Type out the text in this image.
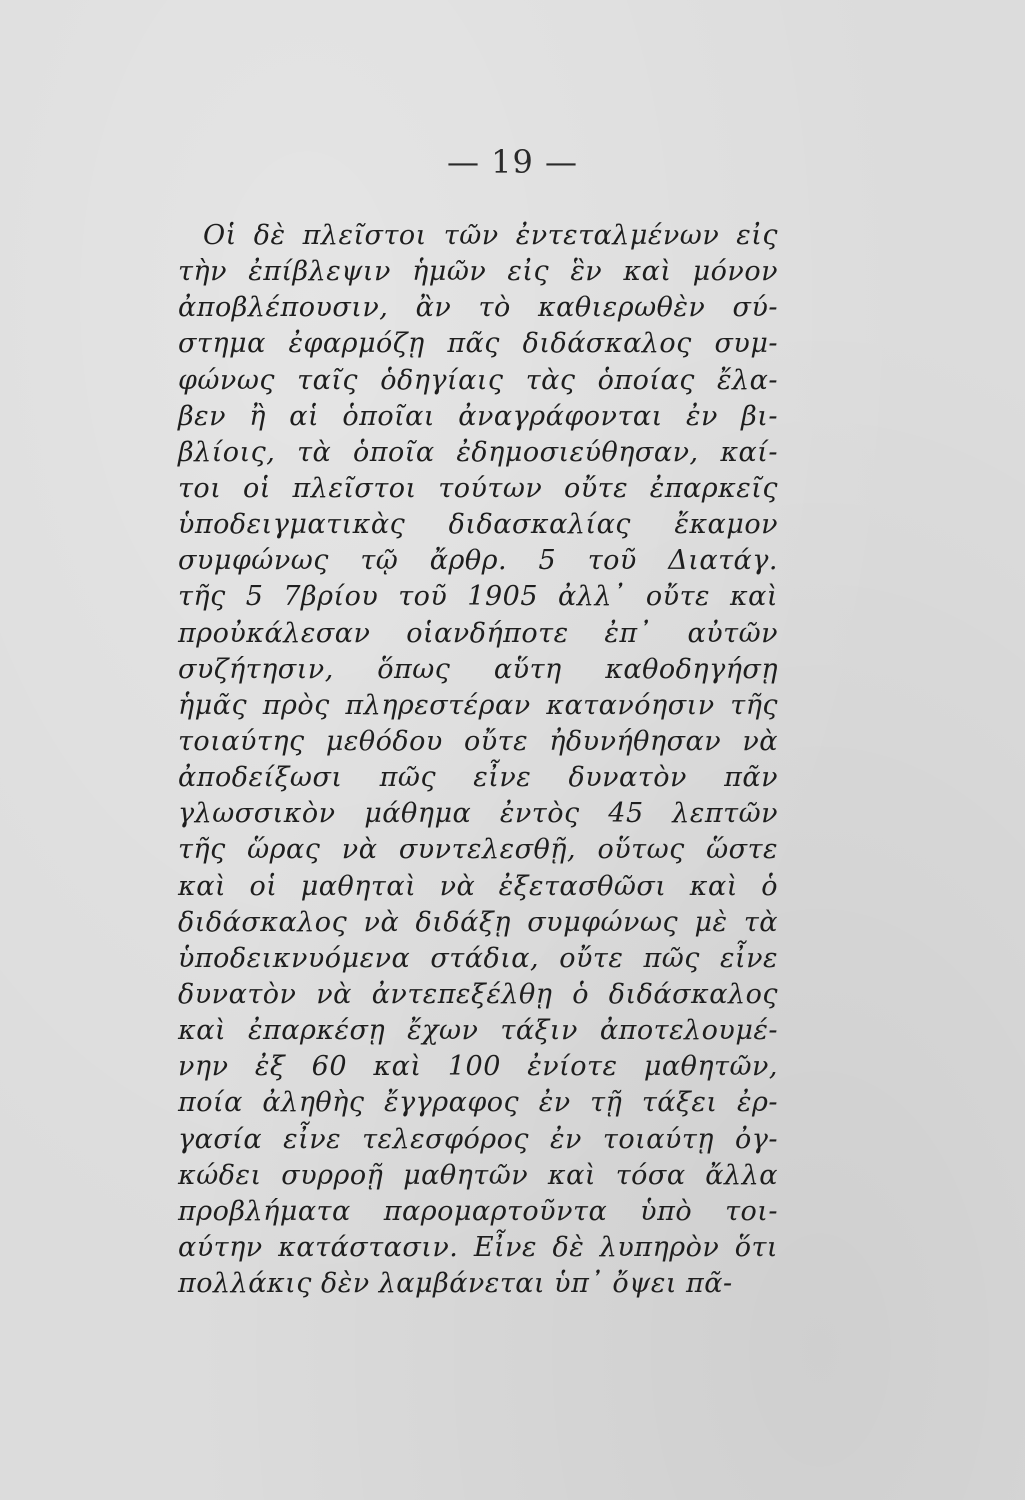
— 19 —
Οἱ δὲ πλεῖστοι τῶν ἐντεταλμένων εἰς
τὴν ἐπίβλεψιν ἡμῶν εἰς ἓν καὶ μόνον
ἀποβλέπουσιν, ἂν τὸ καθιερωθὲν σύ-
στημα ἐφαρμόζῃ πᾶς διδάσκαλος συμ-
φώνως ταῖς ὁδηγίαις τὰς ὁποίας ἔλα-
βεν ἢ αἱ ὁποῖαι ἀναγράφονται ἐν βι-
βλίοις, τὰ ὁποῖα ἐδημοσιεύθησαν, καί-
τοι οἱ πλεῖστοι τούτων οὔτε ἐπαρκεῖς
ὑποδειγματικὰς διδασκαλίας ἔκαμον
συμφώνως τῷ ἄρθρ. 5 τοῦ Διατάγ.
τῆς 5 7βρίου τοῦ 1905 ἀλλ᾿ οὔτε καὶ
προὐκάλεσαν οἱανδήποτε ἐπ᾿ αὐτῶν
συζήτησιν, ὅπως αὕτη καθοδηγήσῃ
ἡμᾶς πρὸς πληρεστέραν κατανόησιν τῆς
τοιαύτης μεθόδου οὔτε ἠδυνήθησαν νὰ
ἀποδείξωσι πῶς εἶνε δυνατὸν πᾶν
γλωσσικὸν μάθημα ἐντὸς 45 λεπτῶν
τῆς ὥρας νὰ συντελεσθῇ, οὕτως ὥστε
καὶ οἱ μαθηταὶ νὰ ἐξετασθῶσι καὶ ὁ
διδάσκαλος νὰ διδάξῃ συμφώνως μὲ τὰ
ὑποδεικνυόμενα στάδια, οὔτε πῶς εἶνε
δυνατὸν νὰ ἀντεπεξέλθῃ ὁ διδάσκαλος
καὶ ἐπαρκέσῃ ἔχων τάξιν ἀποτελουμέ-
νην ἐξ 60 καὶ 100 ἐνίοτε μαθητῶν,
ποία ἀληθὴς ἔγγραφος ἐν τῇ τάξει ἐρ-
γασία εἶνε τελεσφόρος ἐν τοιαύτῃ ὀγ-
κώδει συρροῇ μαθητῶν καὶ τόσα ἄλλα
προβλήματα παρομαρτοῦντα ὑπὸ τοι-
αύτην κατάστασιν. Εἶνε δὲ λυπηρὸν ὅτι
πολλάκις δὲν λαμβάνεται ὑπ᾿ ὄψει πᾶ-
